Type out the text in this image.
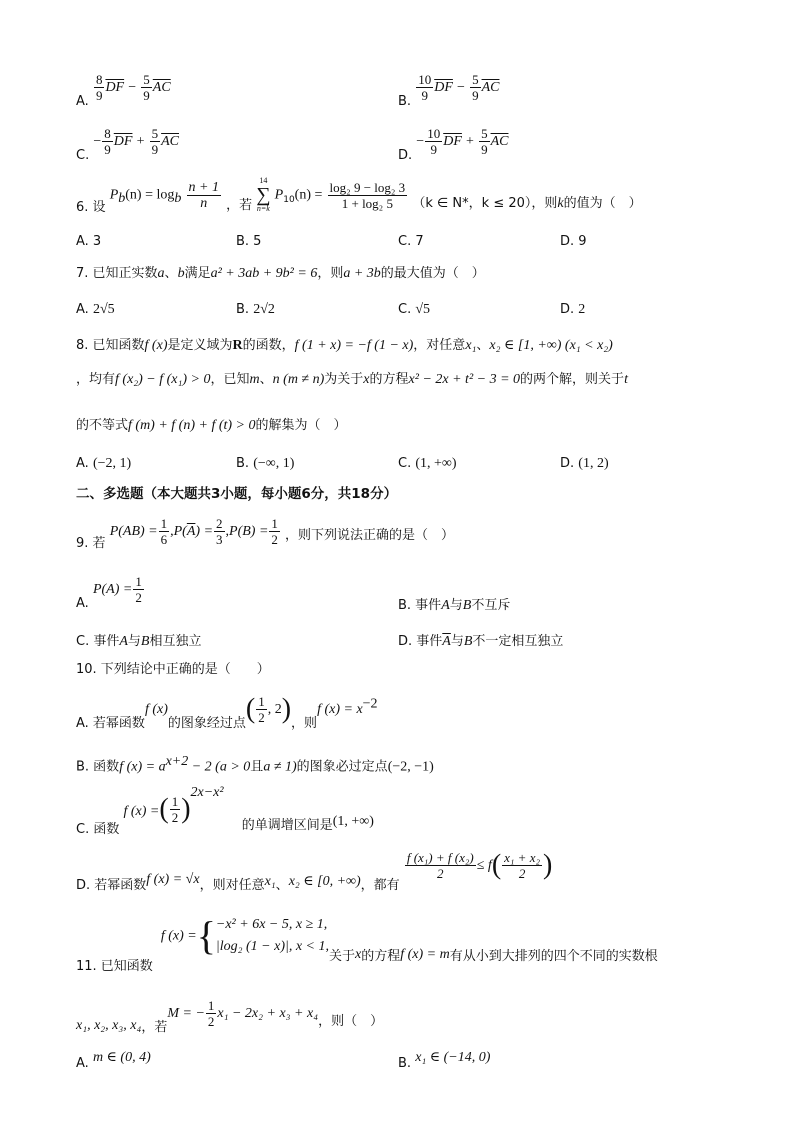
A. $\frac{8}{9} \overline{DF} - \frac{5}{9} \overline{AC}$
B. $\frac{10}{9} \overline{DF} - \frac{5}{9} \overline{AC}$
C. − $\frac{8}{9} \overline{DF} + \frac{5}{9} \overline{AC}$
D. − $\frac{10}{9} \overline{DF} + \frac{5}{9} \overline{AC}$
6. 设 $P_b(n) = \log_b \frac{n + 1}{n}$ ，若
14
∑
n=k
$P_{10}(n) = \frac{\text{log₂ 9 − log₂ 3}}{\text{1 + log₂ 5}} (k$ ∈ N*，k ≤ 20），则k的值为（　）
A. 3	B. 5	C. 7	D. 9
7. 已知正实数a、b满足a² + 3ab + 9b² = 6，则a + 3b的最大值为（　）
A. 2√5	B. 2√2	C. √5	D. 2
8. 已知函数f (x)是定义域为R的函数，f (1 + x) = −f (1 − x)，对任意x₁、x₂ ∈ [1, +∞) (x₁ < x₂)
，均有f (x₂) − f (x₁) > 0，已知m、n (m ≠ n)为关于x的方程x² − 2x + t² − 3 = 0的两个解，则关于t
的不等式f (m) + f (n) + f (t) > 0的解集为（　）
A. (−2, 1)	B. (−∞, 1)	C. (1, +∞)	D. (1, 2)
二、多选题（本大题共3小题，每小题6分，共18分）
9. 若 $P(AB) = \frac{1}{6} ,P(\overline{A}) = \frac{2}{3} ,P(B) = \frac{1}{2}$ ，则下列说法正确的是（　）
A. $P(A) = \frac{1}{2}$
B. 事件A与B不互斥
C. 事件A与B相互独立	D. 事件$\overline{A}$与B不一定相互独立
10. 下列结论中正确的是（　　）
A. 若幂函数f (x)的图象经过点( $\frac{1}{2}$ , 2)，则f $(x) = x^{-2}$
B. 函数f $(x) = a^{x+2} - 2$ (a > 0且a ≠ 1)的图象必过定点(−2, −1)
C. 函数 f (x) =( $\frac{1}{2} )^{2x-x^2}$ 的单调增区间是(1, +∞)
D. 若幂函数f (x) = √x，则对任意x₁、x₂ ∈ [0, +∞)，都有
$\frac{\text{f (x₁) + f (x₂)}}{2} \le f( \frac{\text{x₁ + x₂}}{2}$ )
11. 已知函数f (x) ={ −x² + 6x − 5, x ≥ 1,
|log₂ (1 − x)|, x < 1,
关于x的方程f (x) = m有从小到大排列的四个不同的实数根
x₁, x₂, x₃, x₄，若M = − $\frac{1}{2} x_1 - 2x_2 + x_3 + x_4$，则（　）
A. m ∈ (0, 4)	B. x₁ ∈ (−14, 0)
